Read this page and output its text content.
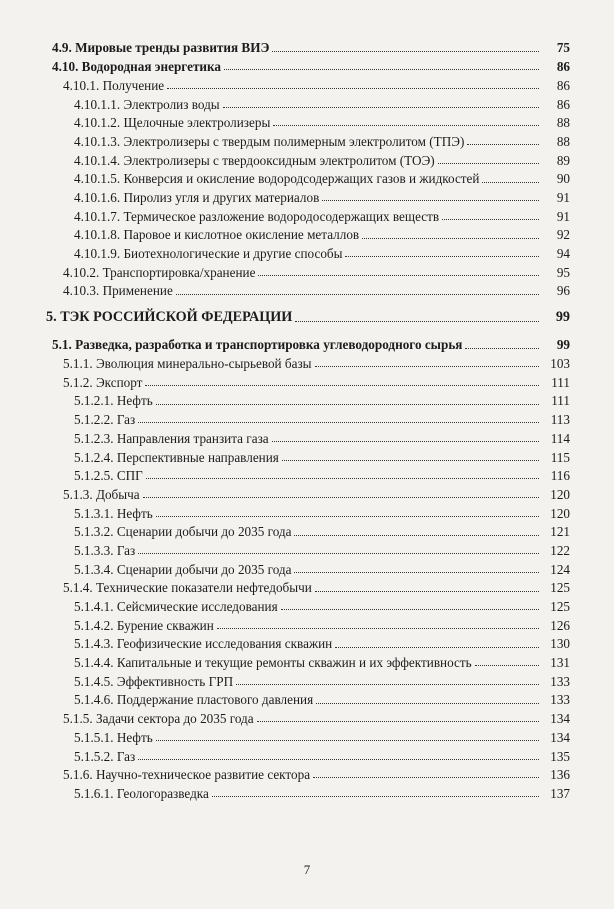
4.9. Мировые тренды развития ВИЭ	75
4.10. Водородная энергетика	86
4.10.1. Получение	86
4.10.1.1. Электролиз воды	86
4.10.1.2. Щелочные электролизеры	88
4.10.1.3. Электролизеры с твердым полимерным электролитом (ТПЭ)	88
4.10.1.4. Электролизеры с твердооксидным электролитом (ТОЭ)	89
4.10.1.5. Конверсия и окисление водородсодержащих газов и жидкостей	90
4.10.1.6. Пиролиз угля и других материалов	91
4.10.1.7. Термическое разложение водородосодержащих веществ	91
4.10.1.8. Паровое и кислотное окисление металлов	92
4.10.1.9. Биотехнологические и другие способы	94
4.10.2. Транспортировка/хранение	95
4.10.3. Применение	96
5. ТЭК РОССИЙСКОЙ ФЕДЕРАЦИИ	99
5.1. Разведка, разработка и транспортировка углеводородного сырья	99
5.1.1. Эволюция минерально-сырьевой базы	103
5.1.2. Экспорт	111
5.1.2.1. Нефть	111
5.1.2.2. Газ	113
5.1.2.3. Направления транзита газа	114
5.1.2.4. Перспективные направления	115
5.1.2.5. СПГ	116
5.1.3. Добыча	120
5.1.3.1. Нефть	120
5.1.3.2. Сценарии добычи до 2035 года	121
5.1.3.3. Газ	122
5.1.3.4. Сценарии добычи до 2035 года	124
5.1.4. Технические показатели нефтедобычи	125
5.1.4.1. Сейсмические исследования	125
5.1.4.2. Бурение скважин	126
5.1.4.3. Геофизические исследования скважин	130
5.1.4.4. Капитальные и текущие ремонты скважин и их эффективность	131
5.1.4.5. Эффективность ГРП	133
5.1.4.6. Поддержание пластового давления	133
5.1.5. Задачи сектора до 2035 года	134
5.1.5.1. Нефть	134
5.1.5.2. Газ	135
5.1.6. Научно-техническое развитие сектора	136
5.1.6.1. Геологоразведка	137
7
